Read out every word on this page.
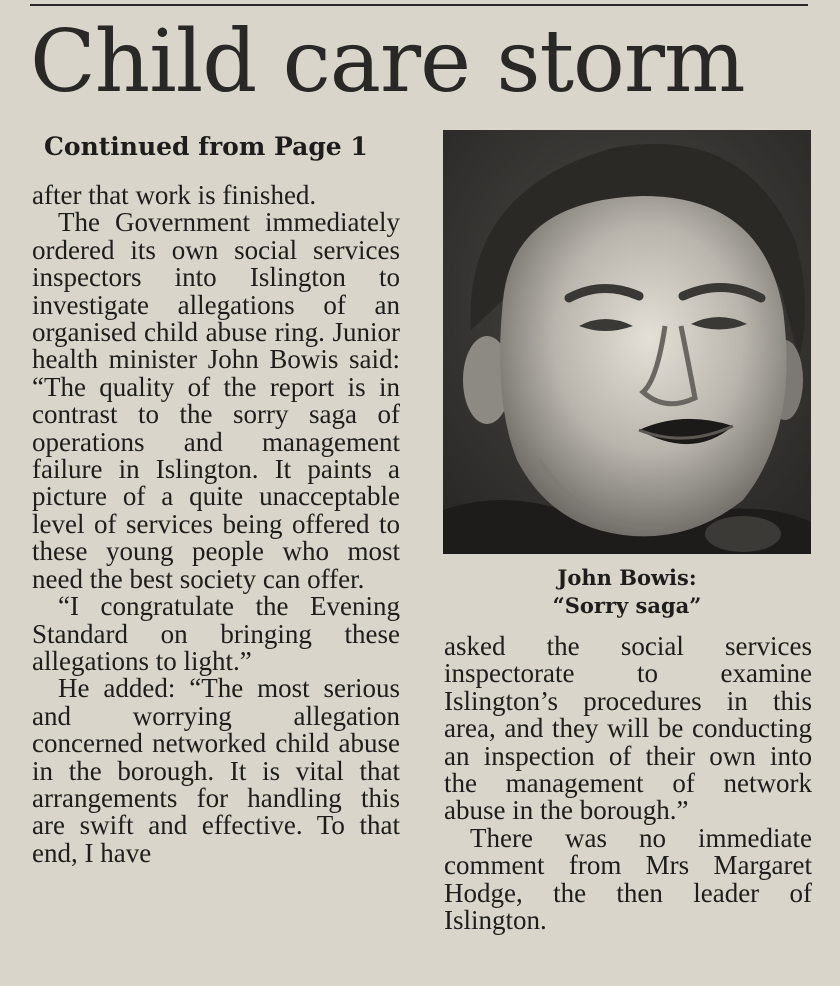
Child care storm
Continued from Page 1

after that work is finished.

The Government immediately ordered its own social services inspectors into Islington to investigate allegations of an organised child abuse ring. Junior health minister John Bowis said: “The quality of the report is in contrast to the sorry saga of operations and management failure in Islington. It paints a picture of a quite unacceptable level of services being offered to these young people who most need the best society can offer.

“I congratulate the Evening Standard on bringing these allegations to light.”

He added: “The most serious and worrying allegation concerned networked child abuse in the borough. It is vital that arrangements for handling this are swift and effective. To that end, I have

John Bowis:
“Sorry saga”

asked the social services inspectorate to examine Islington’s procedures in this area, and they will be conducting an inspection of their own into the management of network abuse in the borough.”

There was no immediate comment from Mrs Margaret Hodge, the then leader of Islington.
